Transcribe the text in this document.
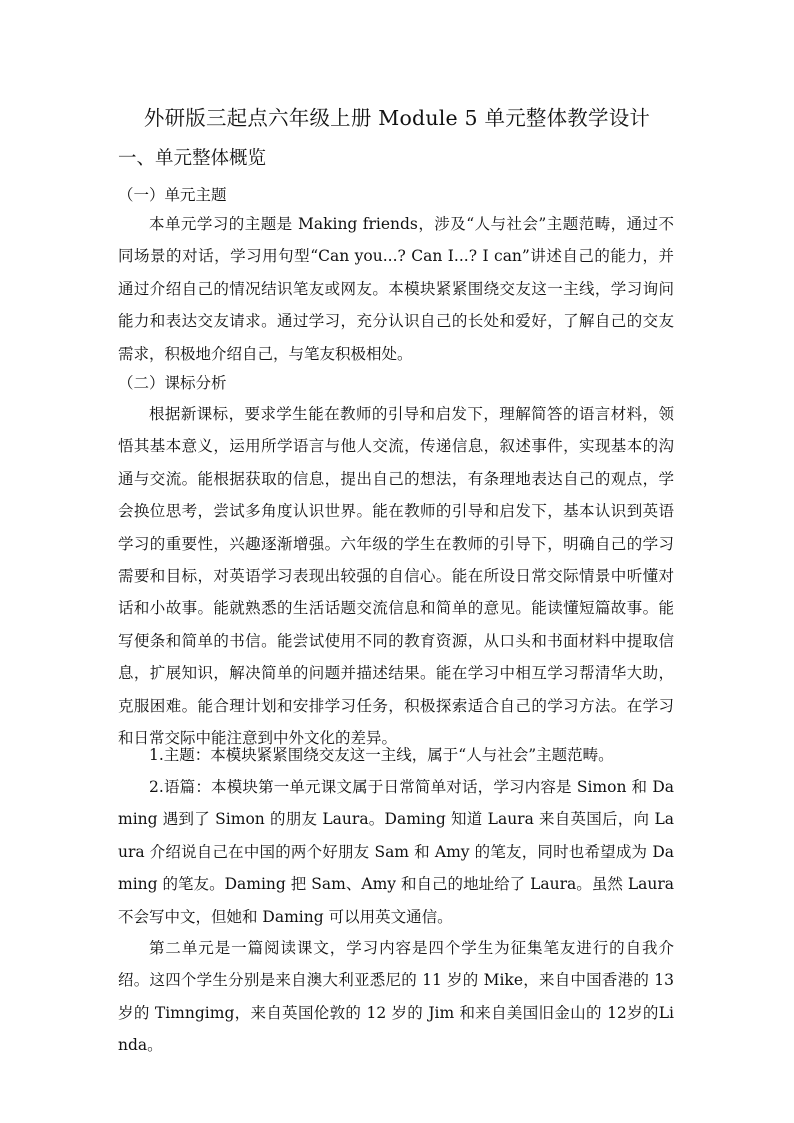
外研版三起点六年级上册 Module 5 单元整体教学设计
一、单元整体概览
（一）单元主题

本单元学习的主题是 Making friends，涉及“人与社会”主题范畴，通过不同场景的对话，学习用句型“Can you...? Can I...? I can”讲述自己的能力，并通过介绍自己的情况结识笔友或网友。本模块紧紧围绕交友这一主线，学习询问能力和表达交友请求。通过学习，充分认识自己的长处和爱好，了解自己的交友需求，积极地介绍自己，与笔友积极相处。

（二）课标分析

根据新课标，要求学生能在教师的引导和启发下，理解简答的语言材料，领悟其基本意义，运用所学语言与他人交流，传递信息，叙述事件，实现基本的沟通与交流。能根据获取的信息，提出自己的想法，有条理地表达自己的观点，学会换位思考，尝试多角度认识世界。能在教师的引导和启发下，基本认识到英语学习的重要性，兴趣逐渐增强。六年级的学生在教师的引导下，明确自己的学习需要和目标，对英语学习表现出较强的自信心。能在所设日常交际情景中听懂对话和小故事。能就熟悉的生活话题交流信息和简单的意见。能读懂短篇故事。能写便条和简单的书信。能尝试使用不同的教育资源，从口头和书面材料中提取信息，扩展知识，解决简单的问题并描述结果。能在学习中相互学习帮清华大助，克服困难。能合理计划和安排学习任务，积极探索适合自己的学习方法。在学习和日常交际中能注意到中外文化的差异。

1.主题：本模块紧紧围绕交友这一主线，属于“人与社会”主题范畴。

2.语篇：本模块第一单元课文属于日常简单对话，学习内容是 Simon 和 Daming 遇到了 Simon 的朋友 Laura。Daming 知道 Laura 来自英国后，向 Laura 介绍说自己在中国的两个好朋友 Sam 和 Amy 的笔友，同时也希望成为 Daming 的笔友。Daming 把 Sam、Amy 和自己的地址给了 Laura。虽然 Laura 不会写中文，但她和 Daming 可以用英文通信。

第二单元是一篇阅读课文，学习内容是四个学生为征集笔友进行的自我介绍。这四个学生分别是来自澳大利亚悉尼的 11 岁的 Mike，来自中国香港的 13 岁的 Timngimg，来自英国伦敦的 12 岁的 Jim 和来自美国旧金山的 12岁的Linda。
